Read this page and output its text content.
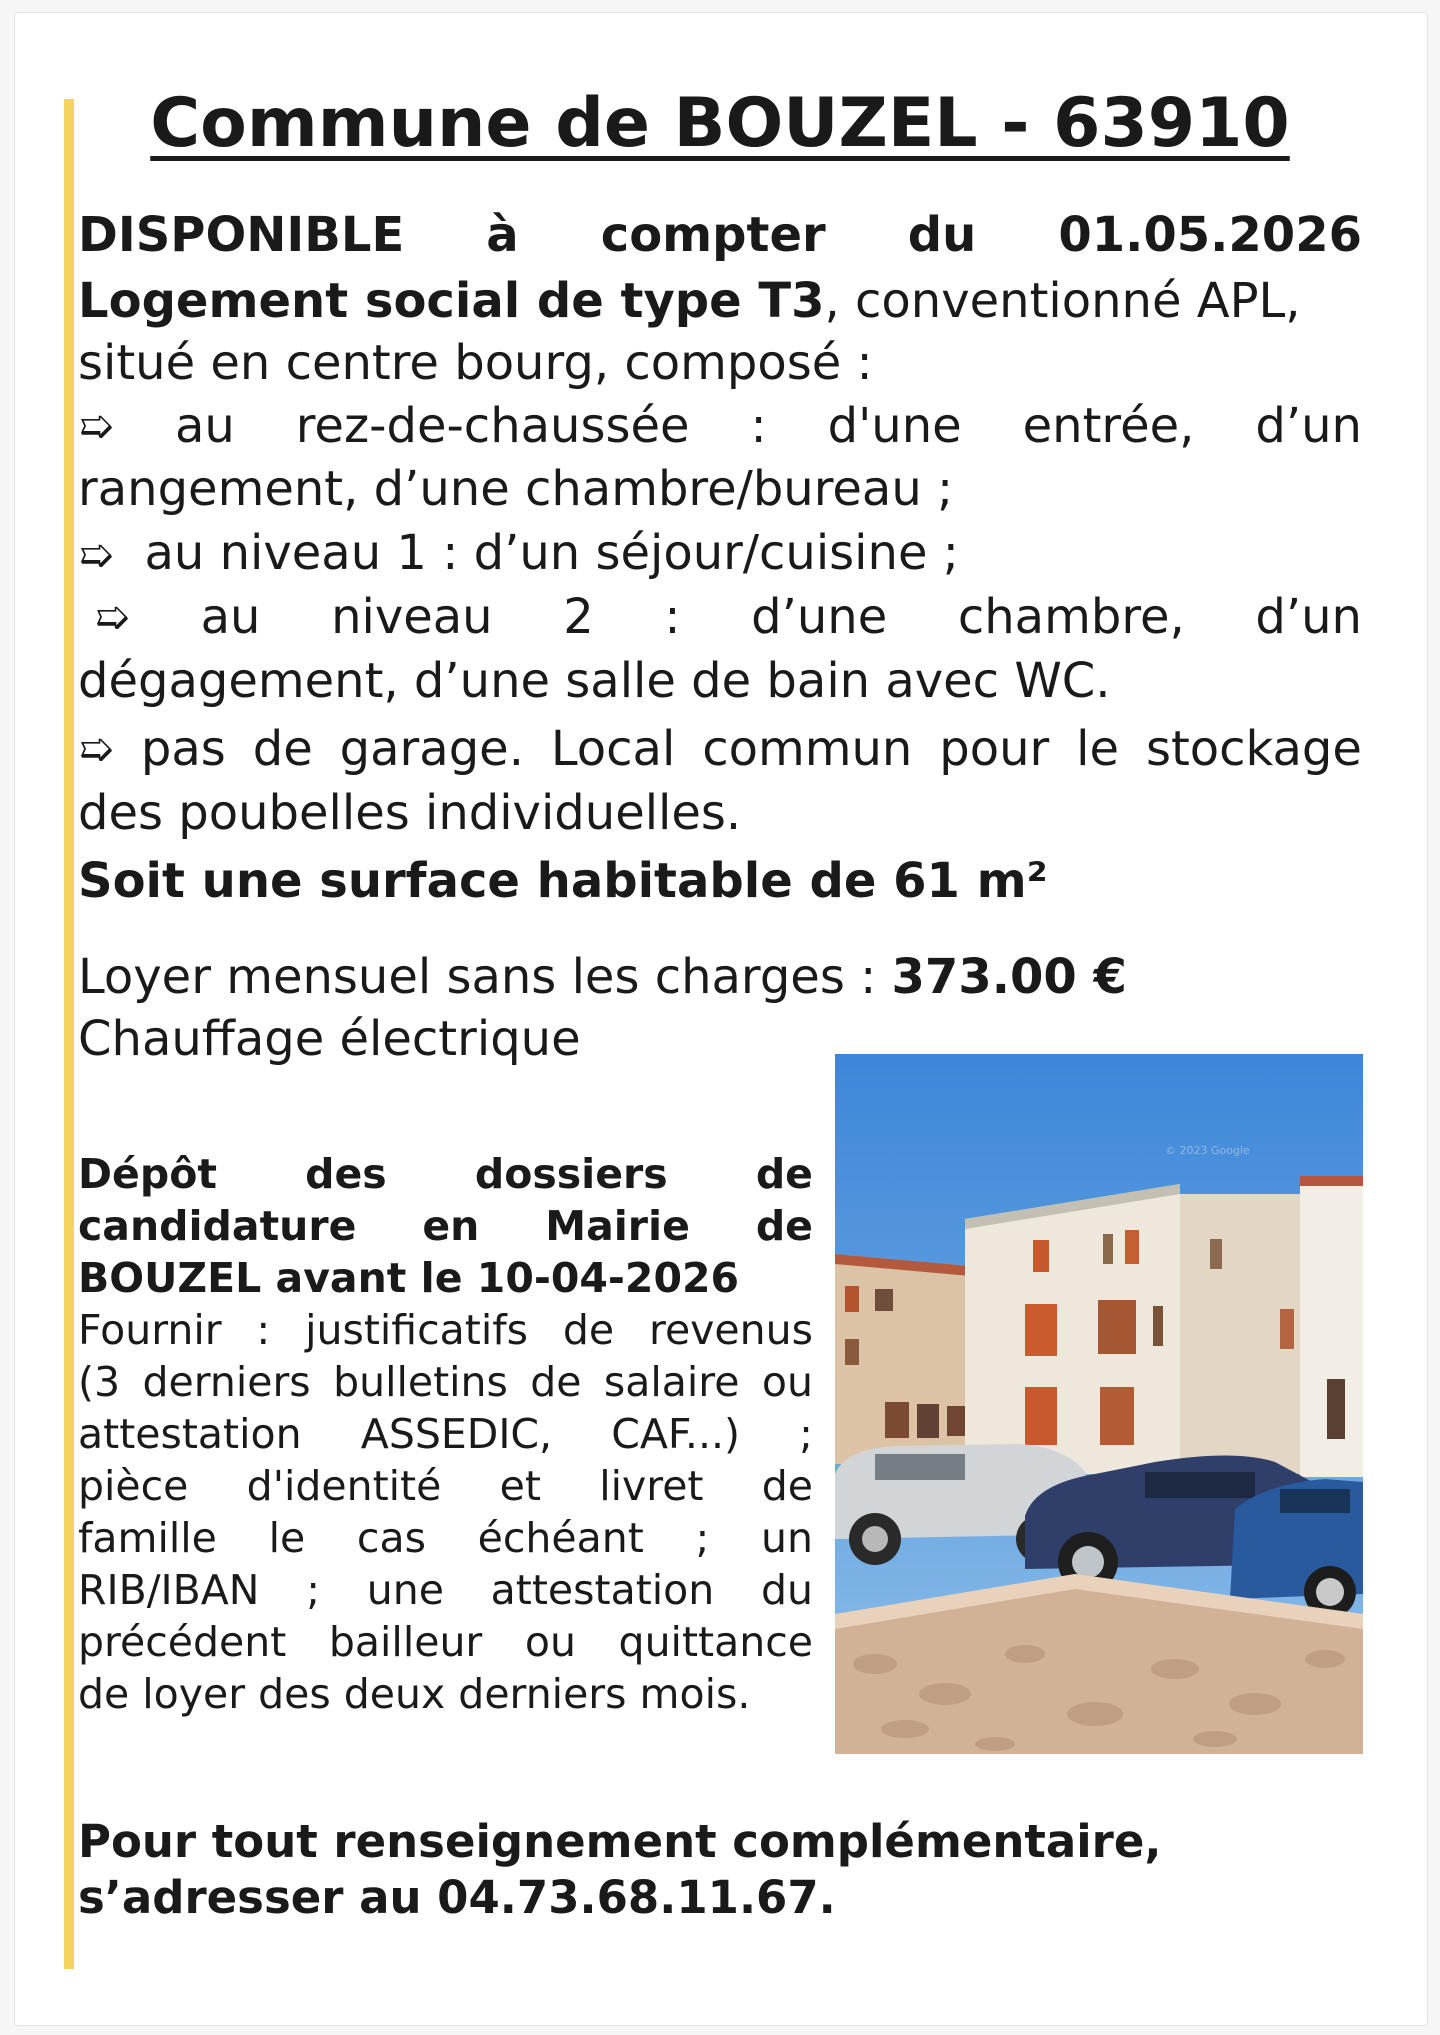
Commune de BOUZEL - 63910
DISPONIBLE à compter du 01.05.2026
Logement social de type T3, conventionné APL,
situé en centre bourg, composé :
➯ au rez-de-chaussée : d'une entrée, d’un
rangement, d’une chambre/bureau ;
➯ au niveau 1 : d’un séjour/cuisine ;
➯ au niveau 2 : d’une chambre, d’un
dégagement, d’une salle de bain avec WC.
➯ pas de garage. Local commun pour le stockage
des poubelles individuelles.
Soit une surface habitable de 61 m²
Loyer mensuel sans les charges : 373.00 €
Chauffage électrique
Dépôt des dossiers de
candidature en Mairie de
BOUZEL avant le 10-04-2026
Fournir : justificatifs de revenus
(3 derniers bulletins de salaire ou
attestation ASSEDIC, CAF...) ;
pièce d'identité et livret de
famille le cas échéant ; un
RIB/IBAN ; une attestation du
précédent bailleur ou quittance
de loyer des deux derniers mois.
© 2023 Google
Pour tout renseignement complémentaire,
s’adresser au 04.73.68.11.67.
